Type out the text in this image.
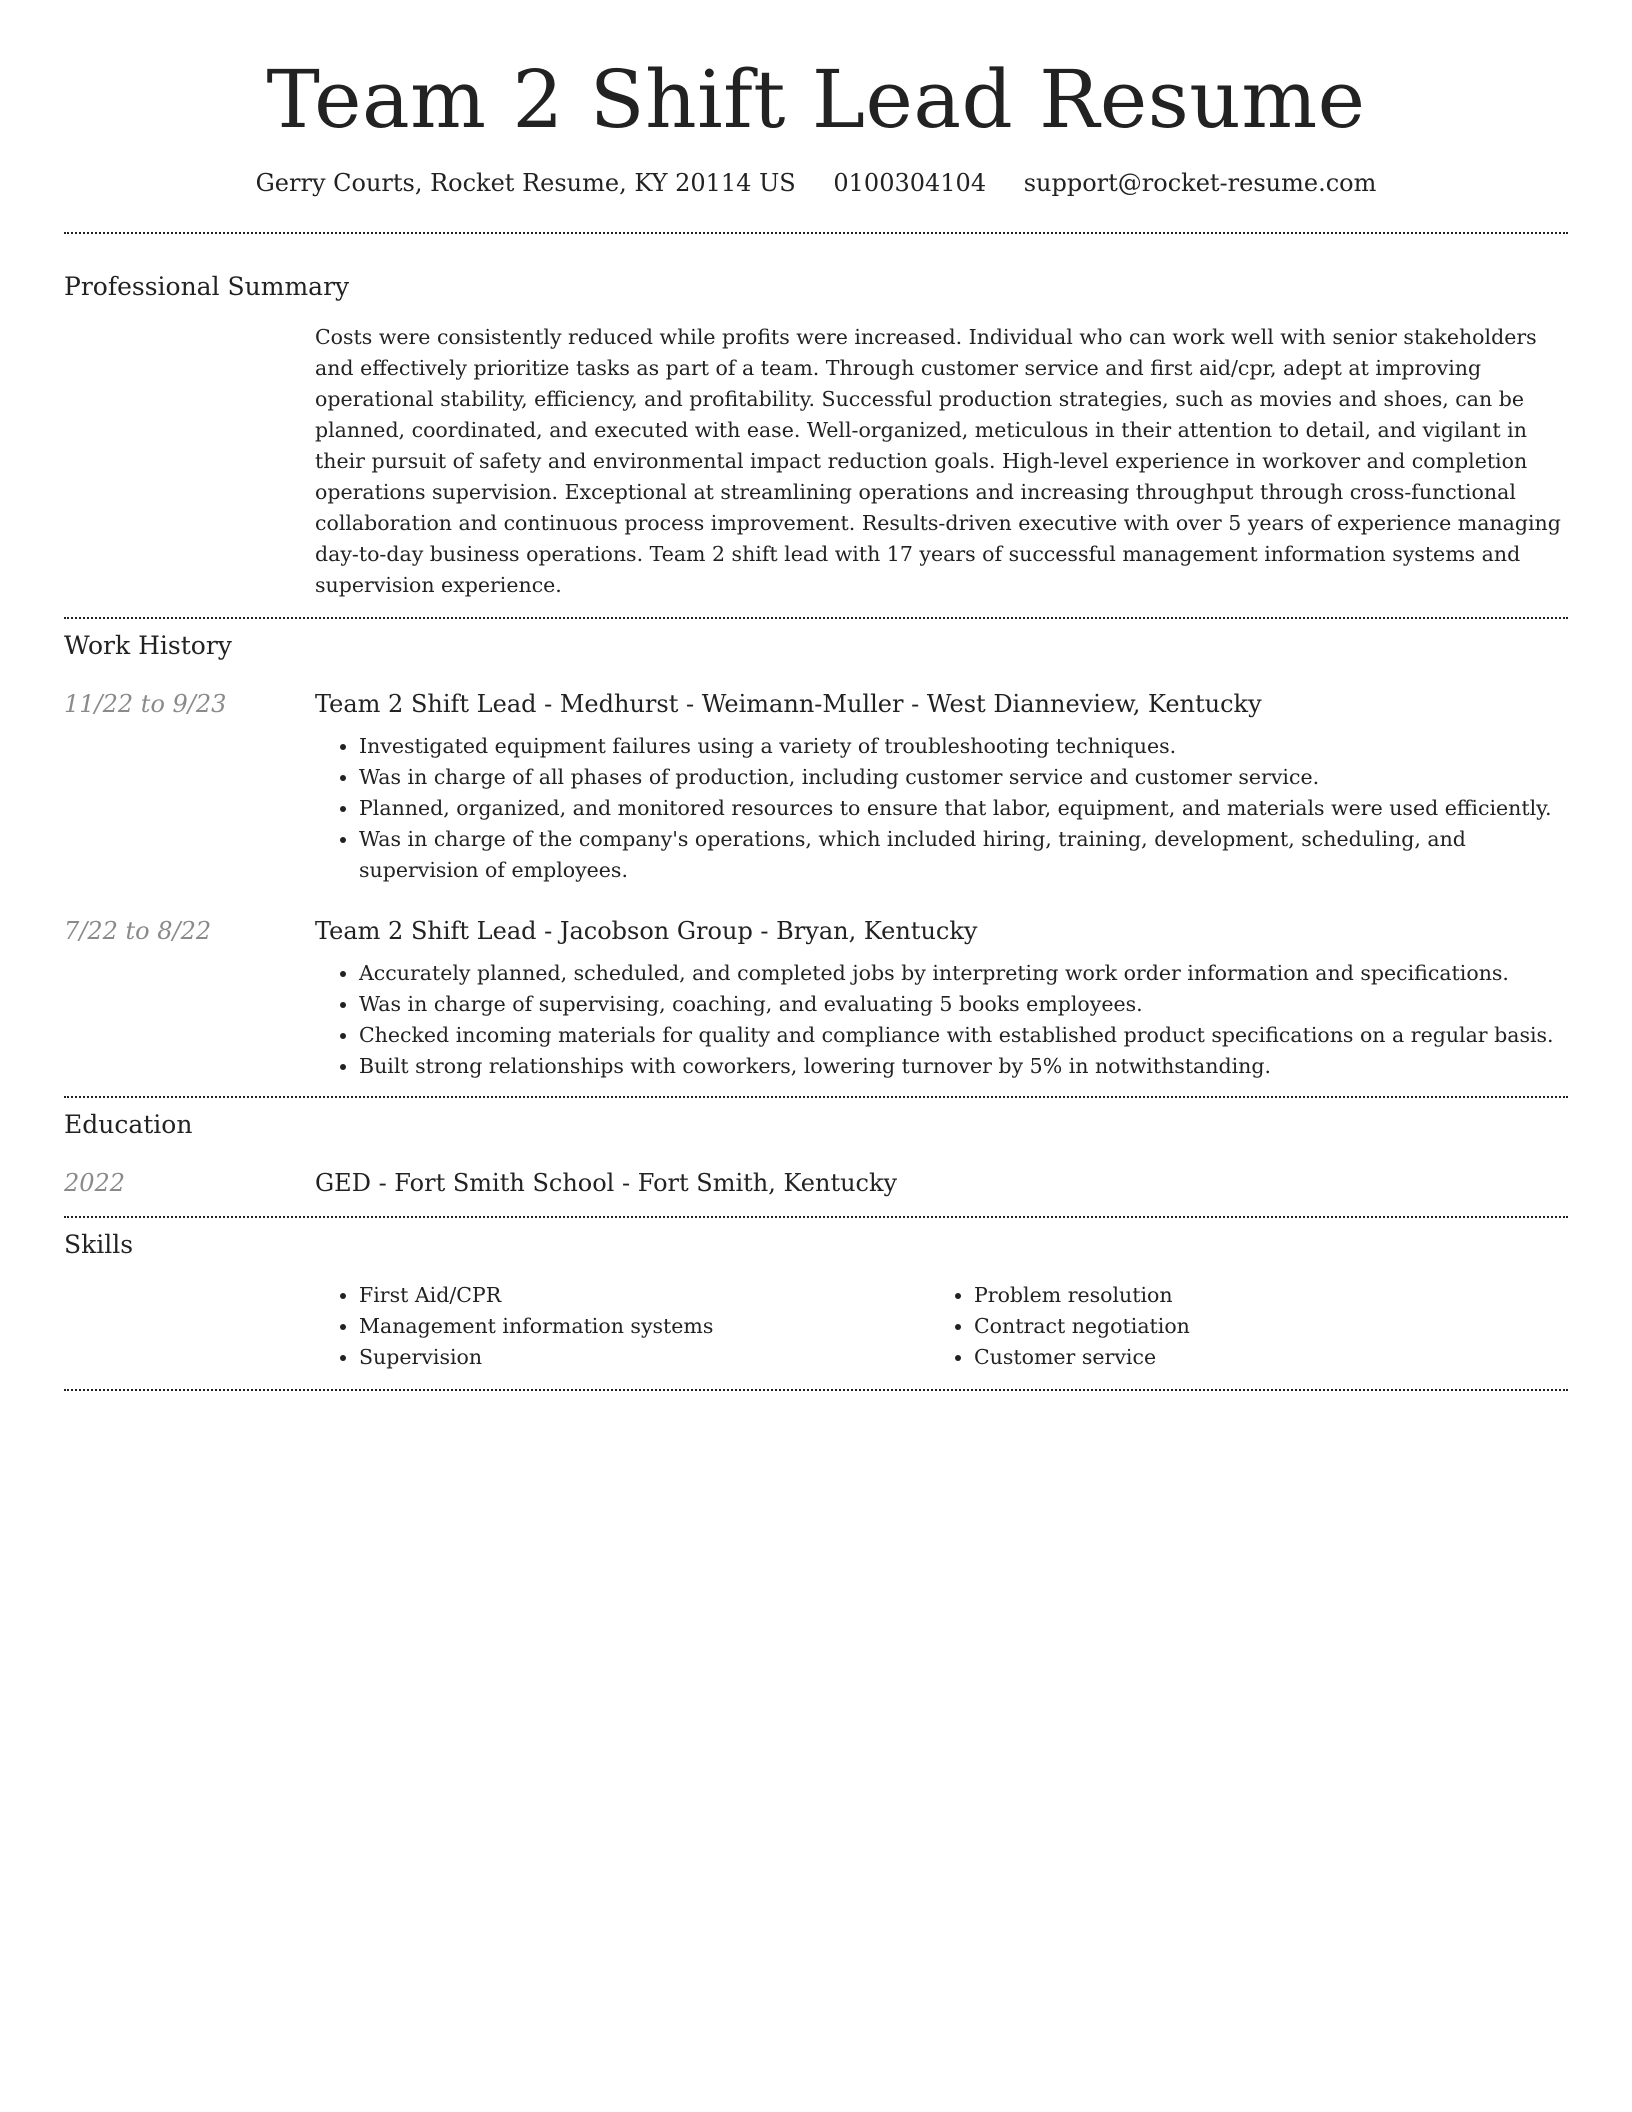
Team 2 Shift Lead Resume
Gerry Courts, Rocket Resume, KY 20114 US 0100304104 support@rocket-resume.com
Professional Summary

Costs were consistently reduced while profits were increased. Individual who can work well with senior stakeholders and effectively prioritize tasks as part of a team. Through customer service and first aid/cpr, adept at improving operational stability, efficiency, and profitability. Successful production strategies, such as movies and shoes, can be planned, coordinated, and executed with ease. Well-organized, meticulous in their attention to detail, and vigilant in their pursuit of safety and environmental impact reduction goals. High-level experience in workover and completion operations supervision. Exceptional at streamlining operations and increasing throughput through cross-functional collaboration and continuous process improvement. Results-driven executive with over 5 years of experience managing day-to-day business operations. Team 2 shift lead with 17 years of successful management information systems and supervision experience.

Work History
11/22 to 9/23	Team 2 Shift Lead - Medhurst - Weimann-Muller - West Dianneview, Kentucky
• Investigated equipment failures using a variety of troubleshooting techniques.
• Was in charge of all phases of production, including customer service and customer service.
• Planned, organized, and monitored resources to ensure that labor, equipment, and materials were used efficiently.
• Was in charge of the company's operations, which included hiring, training, development, scheduling, and supervision of employees.
7/22 to 8/22	Team 2 Shift Lead - Jacobson Group - Bryan, Kentucky
• Accurately planned, scheduled, and completed jobs by interpreting work order information and specifications.
• Was in charge of supervising, coaching, and evaluating 5 books employees.
• Checked incoming materials for quality and compliance with established product specifications on a regular basis.
• Built strong relationships with coworkers, lowering turnover by 5% in notwithstanding.
Education
2022	GED - Fort Smith School - Fort Smith, Kentucky
Skills
• First Aid/CPR
• Management information systems
• Supervision
• Problem resolution
• Contract negotiation
• Customer service
